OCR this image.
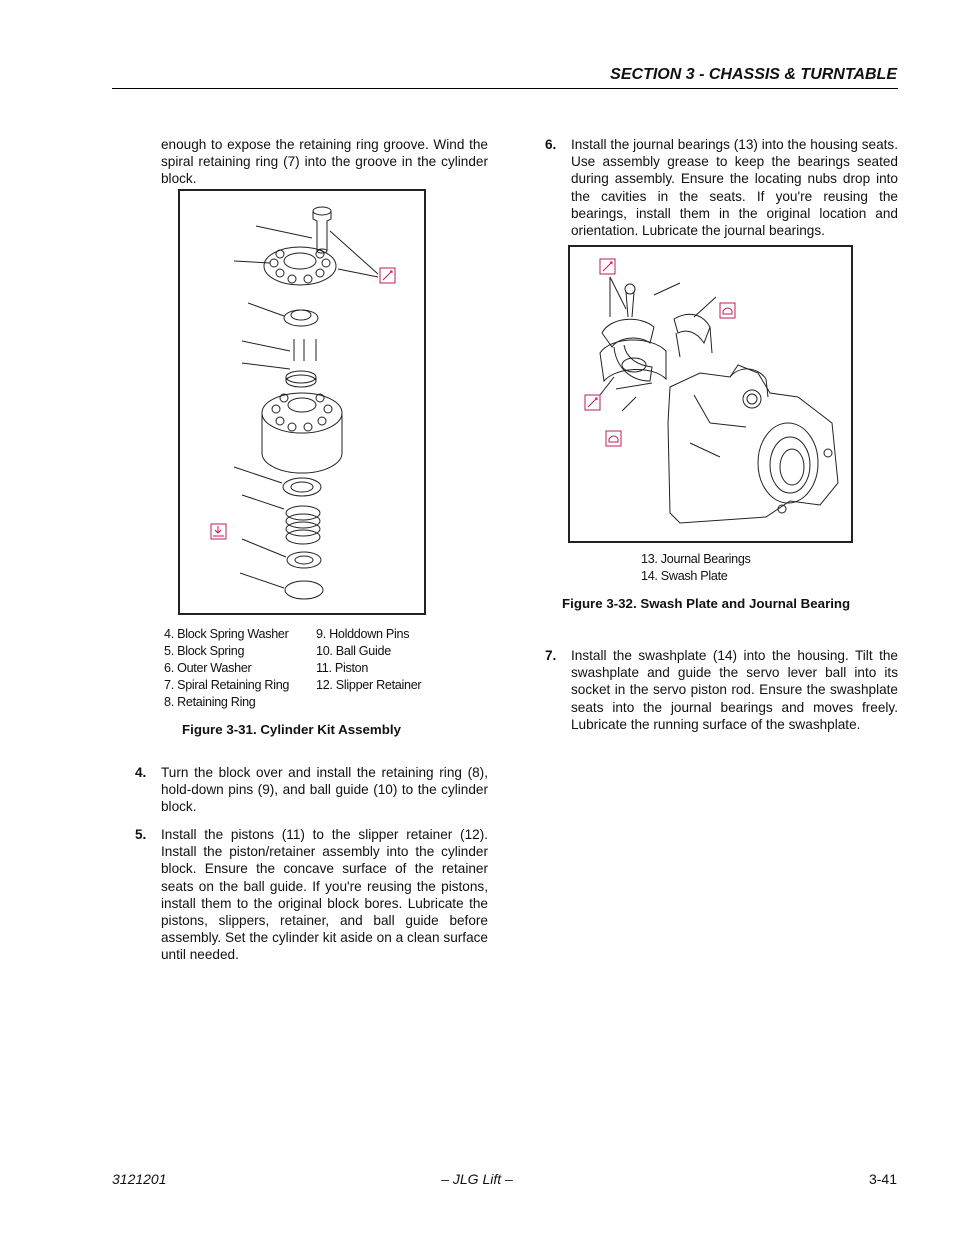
SECTION 3 - CHASSIS & TURNTABLE

enough to expose the retaining ring groove. Wind the spiral retaining ring (7) into the groove in the cylinder block.

4. Block Spring Washer
5. Block Spring
6. Outer Washer
7. Spiral Retaining Ring
8. Retaining Ring
9. Holddown Pins
10. Ball Guide
11. Piston
12. Slipper Retainer
Figure 3-31. Cylinder Kit Assembly
4. Turn the block over and install the retaining ring (8), hold-down pins (9), and ball guide (10) to the cylinder block.

5. Install the pistons (11) to the slipper retainer (12). Install the piston/retainer assembly into the cylinder block. Ensure the concave surface of the retainer seats on the ball guide. If you're reusing the pistons, install them to the original block bores. Lubricate the pistons, slippers, retainer, and ball guide before assembly. Set the cylinder kit aside on a clean surface until needed.

6. Install the journal bearings (13) into the housing seats. Use assembly grease to keep the bearings seated during assembly. Ensure the locating nubs drop into the cavities in the seats. If you're reusing the bearings, install them in the original location and orientation. Lubricate the journal bearings.

13. Journal Bearings
14. Swash Plate
Figure 3-32. Swash Plate and Journal Bearing
7. Install the swashplate (14) into the housing. Tilt the swashplate and guide the servo lever ball into its socket in the servo piston rod. Ensure the swashplate seats into the journal bearings and moves freely. Lubricate the running surface of the swashplate.

3121201	– JLG Lift –	3-41
